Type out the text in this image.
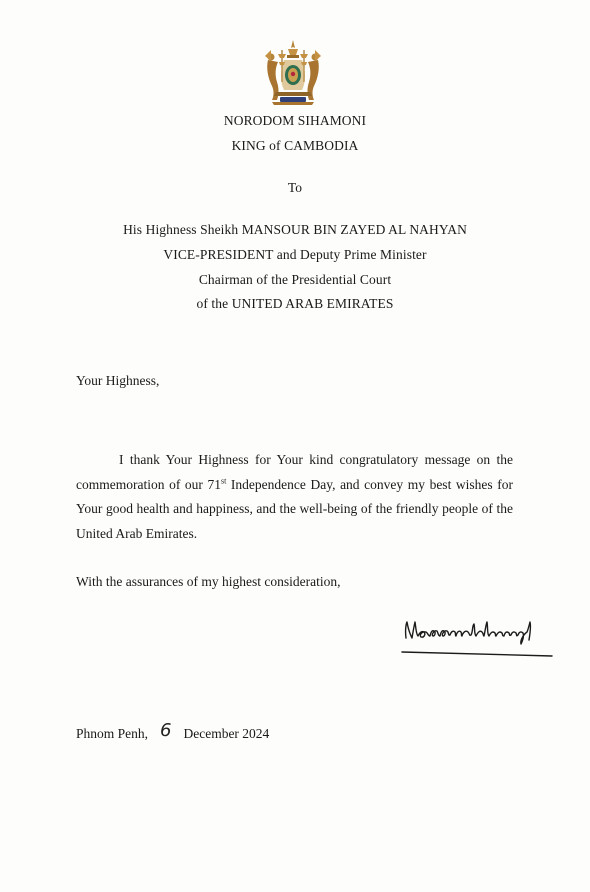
NORODOM SIHAMONI
KING of CAMBODIA
To
His Highness Sheikh MANSOUR BIN ZAYED AL NAHYAN
VICE-PRESIDENT and Deputy Prime Minister
Chairman of the Presidential Court
of the UNITED ARAB EMIRATES
Your Highness,
I thank Your Highness for Your kind congratulatory message on the commemoration of our 71st Independence Day, and convey my best wishes for Your good health and happiness, and the well-being of the friendly people of the United Arab Emirates.
With the assurances of my highest consideration,
Phnom Penh, 6 December 2024
